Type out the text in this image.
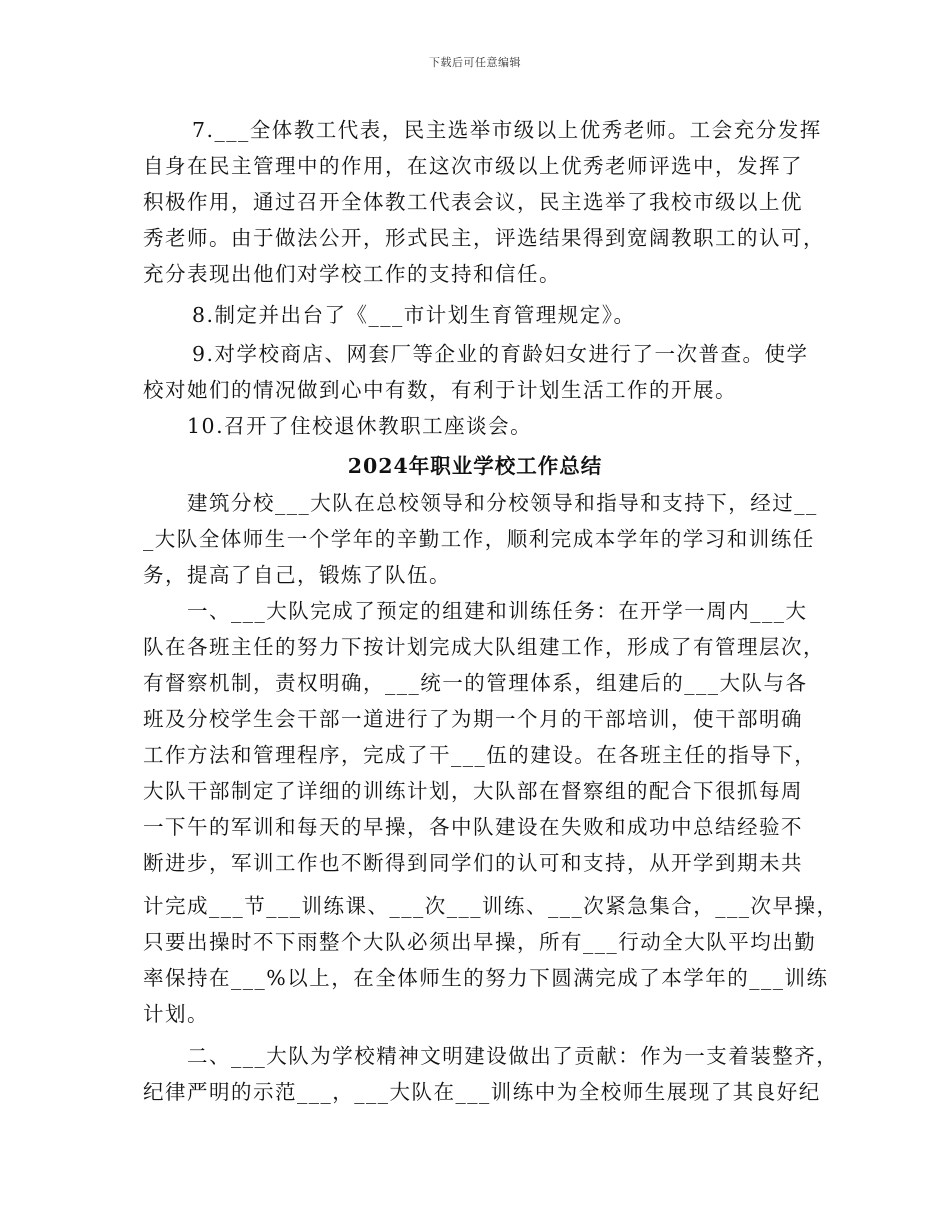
下载后可任意编辑
7.___全体教工代表，民主选举市级以上优秀老师。工会充分发挥
自身在民主管理中的作用，在这次市级以上优秀老师评选中，发挥了
积极作用，通过召开全体教工代表会议，民主选举了我校市级以上优
秀老师。由于做法公开，形式民主，评选结果得到宽阔教职工的认可，
充分表现出他们对学校工作的支持和信任。
8.制定并出台了《___市计划生育管理规定》。
9.对学校商店、网套厂等企业的育龄妇女进行了一次普查。使学
校对她们的情况做到心中有数，有利于计划生活工作的开展。
10.召开了住校退休教职工座谈会。
2024年职业学校工作总结
建筑分校___大队在总校领导和分校领导和指导和支持下，经过__
_大队全体师生一个学年的辛勤工作，顺利完成本学年的学习和训练任
务，提高了自己，锻炼了队伍。
一、___大队完成了预定的组建和训练任务：在开学一周内___大
队在各班主任的努力下按计划完成大队组建工作，形成了有管理层次，
有督察机制，责权明确，___统一的管理体系，组建后的___大队与各
班及分校学生会干部一道进行了为期一个月的干部培训，使干部明确
工作方法和管理程序，完成了干___伍的建设。在各班主任的指导下，
大队干部制定了详细的训练计划，大队部在督察组的配合下很抓每周
一下午的军训和每天的早操，各中队建设在失败和成功中总结经验不
断进步，军训工作也不断得到同学们的认可和支持，从开学到期未共
计完成___节___训练课、___次___训练、___次紧急集合，___次早操，
只要出操时不下雨整个大队必须出早操，所有___行动全大队平均出勤
率保持在___%以上，在全体师生的努力下圆满完成了本学年的___训练
计划。
二、___大队为学校精神文明建设做出了贡献：作为一支着装整齐，
纪律严明的示范___，___大队在___训练中为全校师生展现了其良好纪
